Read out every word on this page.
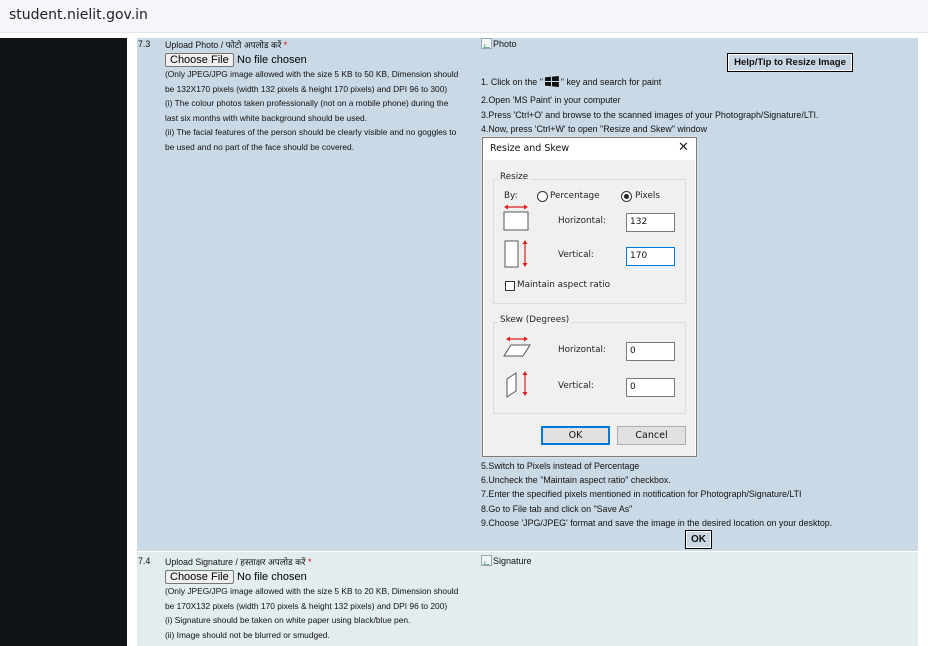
student.nielit.gov.in
7.3 Upload Photo / फोटो अपलोड करें *
Choose File No file chosen
(Only JPEG/JPG image allowed with the size 5 KB to 50 KB, Dimension should
be 132X170 pixels (width 132 pixels & height 170 pixels) and DPI 96 to 300)
(i) The colour photos taken professionally (not on a mobile phone) during the
last six months with white background should be used.
(ii) The facial features of the person should be clearly visible and no goggles to
be used and no part of the face should be covered.
Photo
Help/Tip to Resize Image
1. Click on the " " key and search for paint
2.Open 'MS Paint' in your computer
3.Press 'Ctrl+O' and browse to the scanned images of your Photograph/Signature/LTI.
4.Now, press 'Ctrl+W' to open "Resize and Skew" window
Resize and Skew	✕
Resize
By:	Percentage	Pixels
Horizontal:	132
Vertical:	170
Maintain aspect ratio
Skew (Degrees)
Horizontal:	0
Vertical:	0
OK	Cancel
5.Switch to Pixels instead of Percentage
6.Uncheck the "Maintain aspect ratio" checkbox.
7.Enter the specified pixels mentioned in notification for Photograph/Signature/LTI
8.Go to File tab and click on "Save As"
9.Choose 'JPG/JPEG' format and save the image in the desired location on your desktop.
OK
7.4 Upload Signature / हस्ताक्षर अपलोड करें *
Choose File No file chosen
(Only JPEG/JPG image allowed with the size 5 KB to 20 KB, Dimension should
be 170X132 pixels (width 170 pixels & height 132 pixels) and DPI 96 to 200)
(i) Signature should be taken on white paper using black/blue pen.
(ii) Image should not be blurred or smudged.
Signature
